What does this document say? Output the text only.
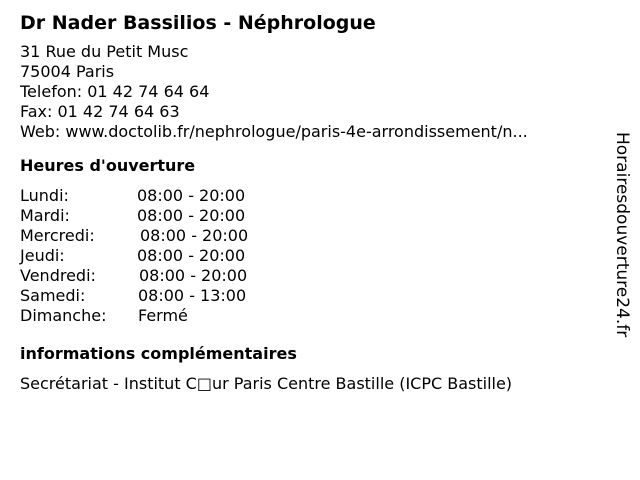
Dr Nader Bassilios - Néphrologue
31 Rue du Petit Musc
75004 Paris
Telefon: 01 42 74 64 64
Fax: 01 42 74 64 63
Web: www.doctolib.fr/nephrologue/paris-4e-arrondissement/n...
Heures d'ouverture
Lundi:	08:00 - 20:00
Mardi:	08:00 - 20:00
Mercredi:	08:00 - 20:00
Jeudi:	08:00 - 20:00
Vendredi:	08:00 - 20:00
Samedi:	08:00 - 13:00
Dimanche:	Fermé
informations complémentaires
Secrétariat - Institut C□ur Paris Centre Bastille (ICPC Bastille)
Horairesdouverture24.fr
